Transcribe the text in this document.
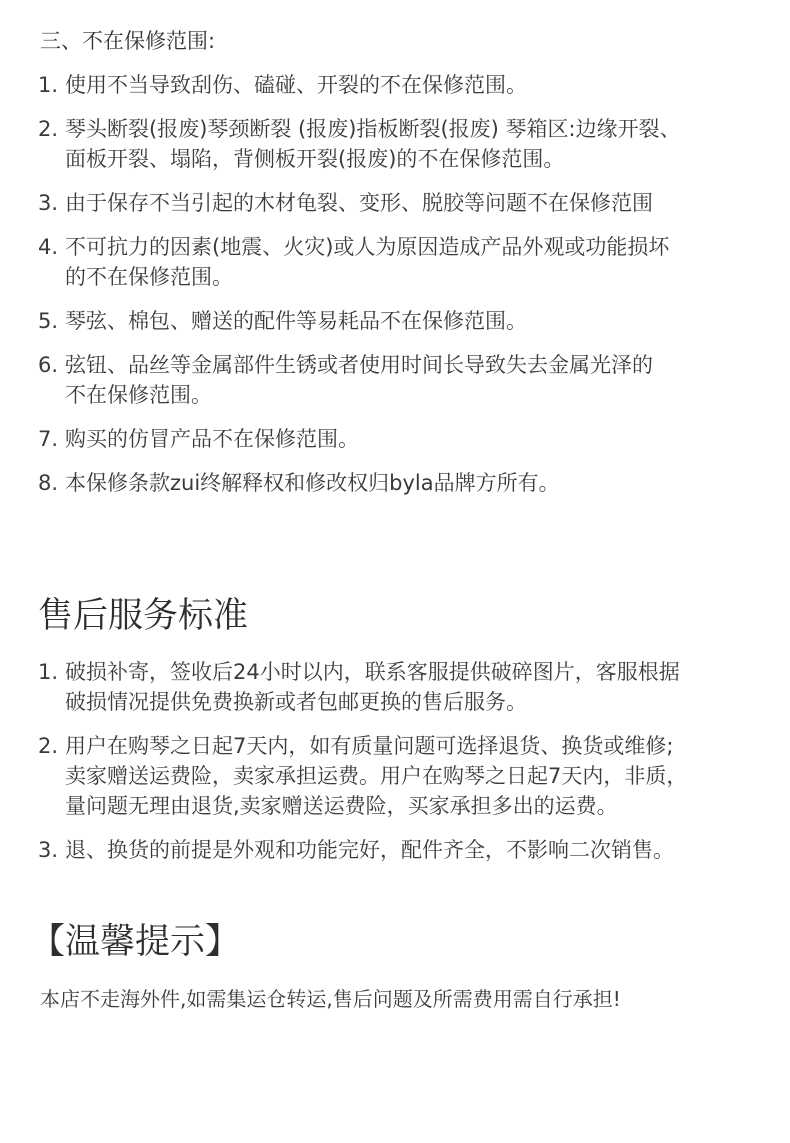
三、不在保修范围:
1. 使用不当导致刮伤、磕碰、开裂的不在保修范围。
2. 琴头断裂(报废)琴颈断裂 (报废)指板断裂(报废) 琴箱区:边缘开裂、
面板开裂、塌陷，背侧板开裂(报废)的不在保修范围。
3. 由于保存不当引起的木材龟裂、变形、脱胶等问题不在保修范围
4. 不可抗力的因素(地震、火灾)或人为原因造成产品外观或功能损坏
的不在保修范围。
5. 琴弦、棉包、赠送的配件等易耗品不在保修范围。
6. 弦钮、品丝等金属部件生锈或者使用时间长导致失去金属光泽的
不在保修范围。
7. 购买的仿冒产品不在保修范围。
8. 本保修条款zui终解释权和修改权归byla品牌方所有。
售后服务标准
1. 破损补寄，签收后24小时以内，联系客服提供破碎图片，客服根据
破损情况提供免费换新或者包邮更换的售后服务。
2. 用户在购琴之日起7天内，如有质量问题可选择退货、换货或维修;
卖家赠送运费险，卖家承担运费。用户在购琴之日起7天内，非质，
量问题无理由退货,卖家赠送运费险，买家承担多出的运费。
3. 退、换货的前提是外观和功能完好，配件齐全，不影响二次销售。
【温馨提示】
本店不走海外件,如需集运仓转运,售后问题及所需费用需自行承担!
